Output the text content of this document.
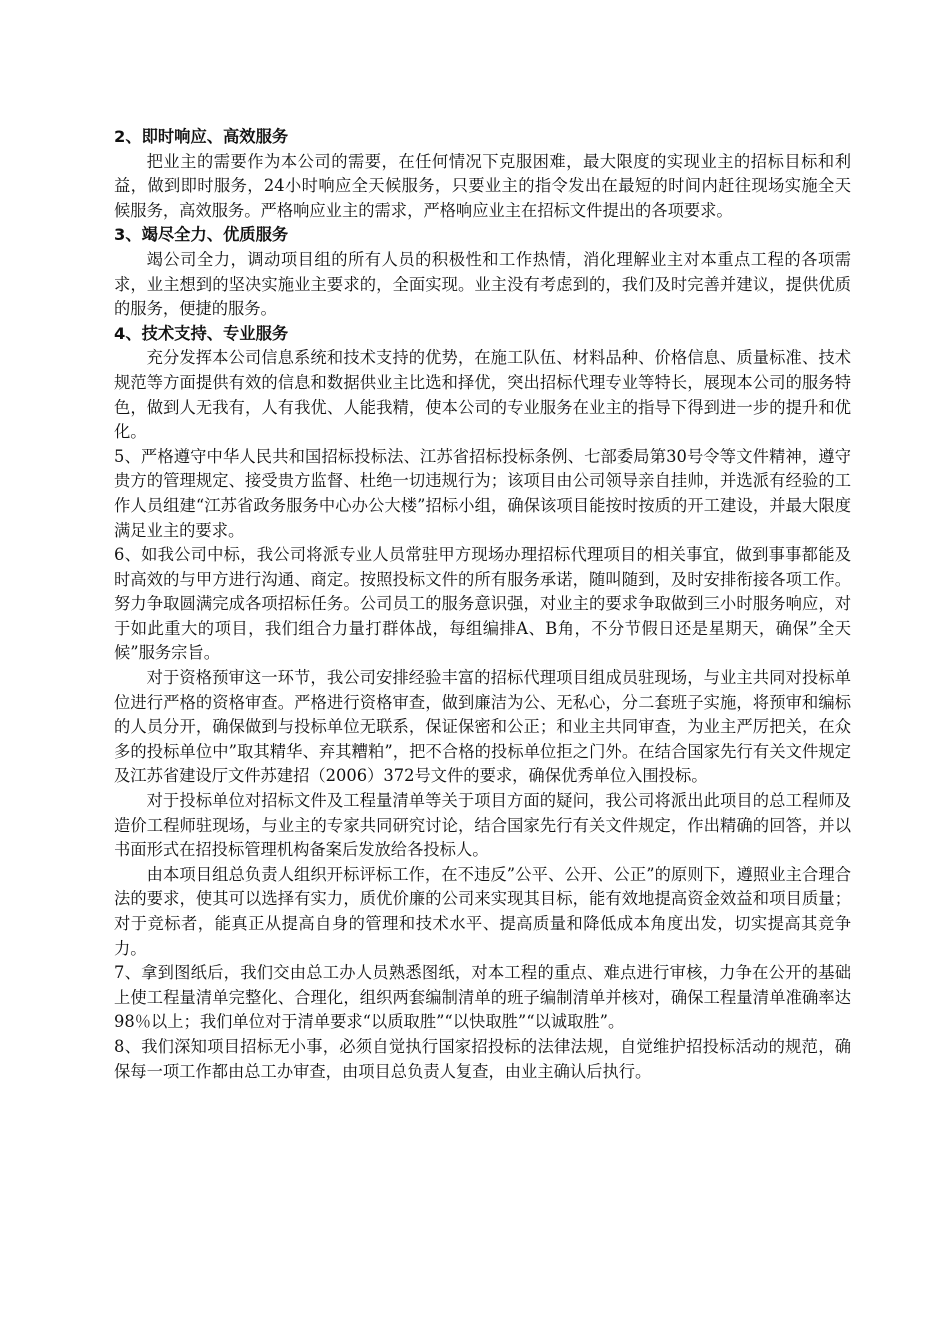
2、即时响应、高效服务

把业主的需要作为本公司的需要，在任何情况下克服困难，最大限度的实现业主的招标目标和利益，做到即时服务，24小时响应全天候服务，只要业主的指令发出在最短的时间内赶往现场实施全天候服务，高效服务。严格响应业主的需求，严格响应业主在招标文件提出的各项要求。

3、竭尽全力、优质服务

竭公司全力，调动项目组的所有人员的积极性和工作热情，消化理解业主对本重点工程的各项需求，业主想到的坚决实施业主要求的，全面实现。业主没有考虑到的，我们及时完善并建议，提供优质的服务，便捷的服务。

4、技术支持、专业服务

充分发挥本公司信息系统和技术支持的优势，在施工队伍、材料品种、价格信息、质量标准、技术规范等方面提供有效的信息和数据供业主比选和择优，突出招标代理专业等特长，展现本公司的服务特色，做到人无我有，人有我优、人能我精，使本公司的专业服务在业主的指导下得到进一步的提升和优化。

5、严格遵守中华人民共和国招标投标法、江苏省招标投标条例、七部委局第30号令等文件精神，遵守贵方的管理规定、接受贵方监督、杜绝一切违规行为；该项目由公司领导亲自挂帅，并选派有经验的工作人员组建“江苏省政务服务中心办公大楼”招标小组，确保该项目能按时按质的开工建设，并最大限度满足业主的要求。

6、如我公司中标，我公司将派专业人员常驻甲方现场办理招标代理项目的相关事宜，做到事事都能及时高效的与甲方进行沟通、商定。按照投标文件的所有服务承诺，随叫随到，及时安排衔接各项工作。努力争取圆满完成各项招标任务。公司员工的服务意识强，对业主的要求争取做到三小时服务响应，对于如此重大的项目，我们组合力量打群体战，每组编排A、B角，不分节假日还是星期天，确保”全天候”服务宗旨。

对于资格预审这一环节，我公司安排经验丰富的招标代理项目组成员驻现场，与业主共同对投标单位进行严格的资格审查。严格进行资格审查，做到廉洁为公、无私心，分二套班子实施，将预审和编标的人员分开，确保做到与投标单位无联系，保证保密和公正；和业主共同审查，为业主严厉把关，在众多的投标单位中”取其精华、弃其糟粕”，把不合格的投标单位拒之门外。在结合国家先行有关文件规定及江苏省建设厅文件苏建招（2006）372号文件的要求，确保优秀单位入围投标。

对于投标单位对招标文件及工程量清单等关于项目方面的疑问，我公司将派出此项目的总工程师及造价工程师驻现场，与业主的专家共同研究讨论，结合国家先行有关文件规定，作出精确的回答，并以书面形式在招投标管理机构备案后发放给各投标人。

由本项目组总负责人组织开标评标工作，在不违反”公平、公开、公正”的原则下，遵照业主合理合法的要求，使其可以选择有实力，质优价廉的公司来实现其目标，能有效地提高资金效益和项目质量；对于竞标者，能真正从提高自身的管理和技术水平、提高质量和降低成本角度出发，切实提高其竞争力。

7、拿到图纸后，我们交由总工办人员熟悉图纸，对本工程的重点、难点进行审核，力争在公开的基础上使工程量清单完整化、合理化，组织两套编制清单的班子编制清单并核对，确保工程量清单准确率达98％以上；我们单位对于清单要求“以质取胜”“以快取胜”“以诚取胜”。

8、我们深知项目招标无小事，必须自觉执行国家招投标的法律法规，自觉维护招投标活动的规范，确保每一项工作都由总工办审查，由项目总负责人复查，由业主确认后执行。
